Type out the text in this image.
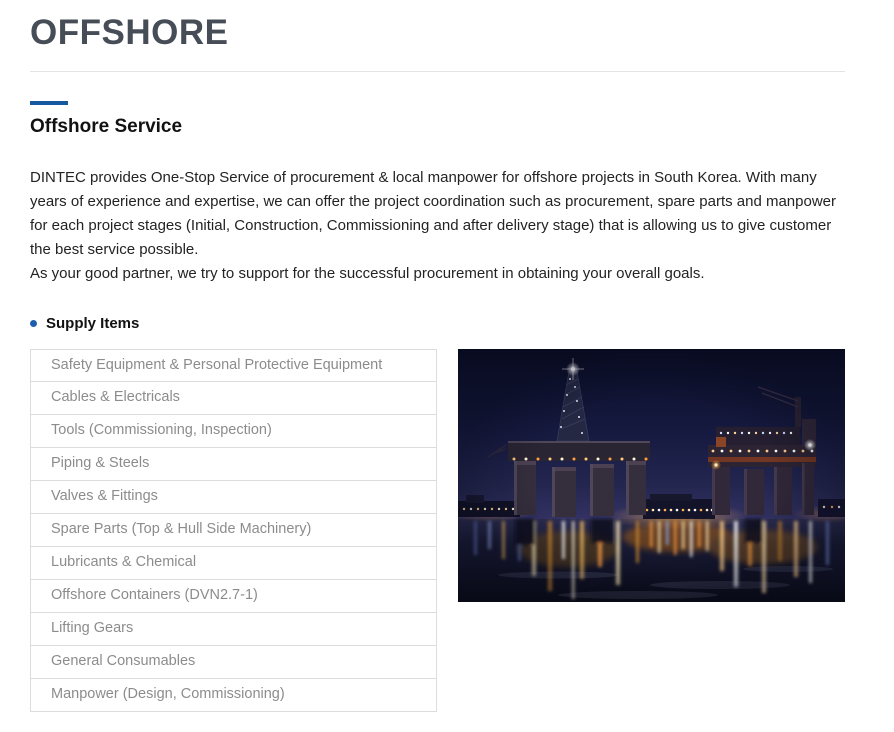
OFFSHORE
Offshore Service

DINTEC provides One-Stop Service of procurement & local manpower for offshore projects in South Korea. With many years of experience and expertise, we can offer the project coordination such as procurement, spare parts and manpower for each project stages (Initial, Construction, Commissioning and after delivery stage) that is allowing us to give customer the best service possible.

As your good partner, we try to support for the successful procurement in obtaining your overall goals.

Supply Items
Safety Equipment & Personal Protective Equipment
Cables & Electricals
Tools (Commissioning, Inspection)
Piping & Steels
Valves & Fittings
Spare Parts (Top & Hull Side Machinery)
Lubricants & Chemical
Offshore Containers (DVN2.7-1)
Lifting Gears
General Consumables
Manpower (Design, Commissioning)
